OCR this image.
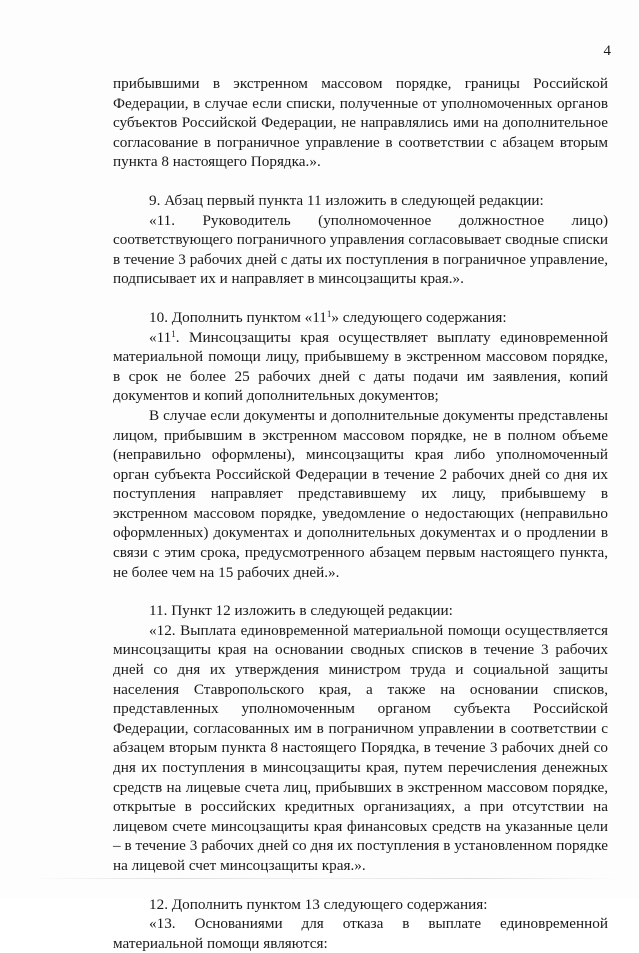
4

прибывшими в экстренном массовом порядке, границы Российской Федерации, в случае если списки, полученные от уполномоченных органов субъектов Российской Федерации, не направлялись ими на дополнительное согласование в пограничное управление в соответствии с абзацем вторым пункта 8 настоящего Порядка.».

9. Абзац первый пункта 11 изложить в следующей редакции:

«11. Руководитель (уполномоченное должностное лицо) соответствующего пограничного управления согласовывает сводные списки в течение 3 рабочих дней с даты их поступления в пограничное управление, подписывает их и направляет в минсоцзащиты края.».

10. Дополнить пунктом «$11^1$» следующего содержания:

«$11^1$. Минсоцзащиты края осуществляет выплату единовременной материальной помощи лицу, прибывшему в экстренном массовом порядке, в срок не более 25 рабочих дней с даты подачи им заявления, копий документов и копий дополнительных документов;

В случае если документы и дополнительные документы представлены лицом, прибывшим в экстренном массовом порядке, не в полном объеме (неправильно оформлены), минсоцзащиты края либо уполномоченный орган субъекта Российской Федерации в течение 2 рабочих дней со дня их поступления направляет представившему их лицу, прибывшему в экстренном массовом порядке, уведомление о недостающих (неправильно оформленных) документах и дополнительных документах и о продлении в связи с этим срока, предусмотренного абзацем первым настоящего пункта, не более чем на 15 рабочих дней.».

11. Пункт 12 изложить в следующей редакции:

«12. Выплата единовременной материальной помощи осуществляется минсоцзащиты края на основании сводных списков в течение 3 рабочих дней со дня их утверждения министром труда и социальной защиты населения Ставропольского края, а также на основании списков, представленных уполномоченным органом субъекта Российской Федерации, согласованных им в пограничном управлении в соответствии с абзацем вторым пункта 8 настоящего Порядка, в течение 3 рабочих дней со дня их поступления в минсоцзащиты края, путем перечисления денежных средств на лицевые счета лиц, прибывших в экстренном массовом порядке, открытые в российских кредитных организациях, а при отсутствии на лицевом счете минсоцзащиты края финансовых средств на указанные цели – в течение 3 рабочих дней со дня их поступления в установленном порядке на лицевой счет минсоцзащиты края.».

12. Дополнить пунктом 13 следующего содержания:

«13. Основаниями для отказа в выплате единовременной материальной помощи являются:
